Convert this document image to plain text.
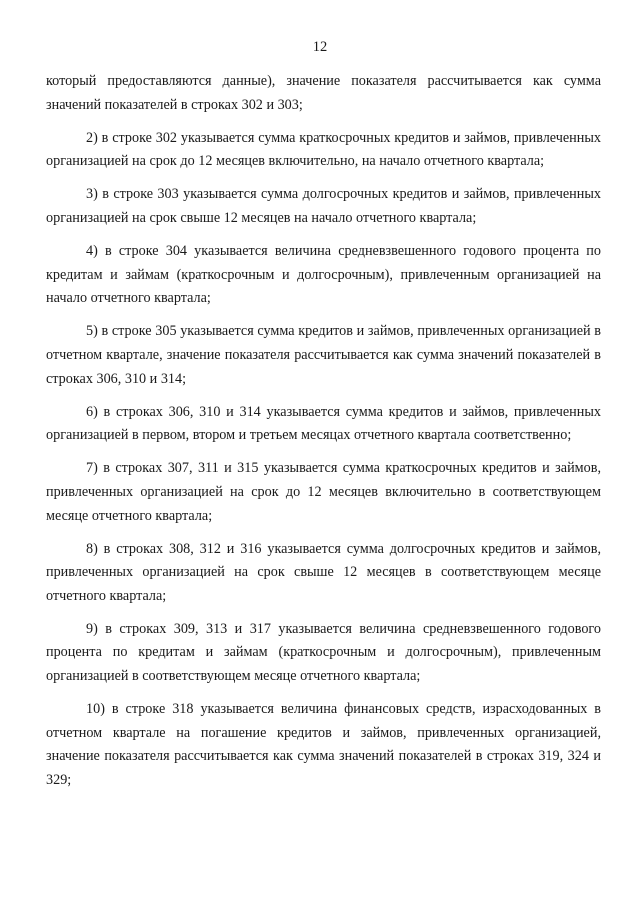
12

который предоставляются данные), значение показателя рассчитывается как сумма значений показателей в строках 302 и 303;

2) в строке 302 указывается сумма краткосрочных кредитов и займов, привлеченных организацией на срок до 12 месяцев включительно, на начало отчетного квартала;

3) в строке 303 указывается сумма долгосрочных кредитов и займов, привлеченных организацией на срок свыше 12 месяцев на начало отчетного квартала;

4) в строке 304 указывается величина средневзвешенного годового процента по кредитам и займам (краткосрочным и долгосрочным), привлеченным организацией на начало отчетного квартала;

5) в строке 305 указывается сумма кредитов и займов, привлеченных организацией в отчетном квартале, значение показателя рассчитывается как сумма значений показателей в строках 306, 310 и 314;

6) в строках 306, 310 и 314 указывается сумма кредитов и займов, привлеченных организацией в первом, втором и третьем месяцах отчетного квартала соответственно;

7) в строках 307, 311 и 315 указывается сумма краткосрочных кредитов и займов, привлеченных организацией на срок до 12 месяцев включительно в соответствующем месяце отчетного квартала;

8) в строках 308, 312 и 316 указывается сумма долгосрочных кредитов и займов, привлеченных организацией на срок свыше 12 месяцев в соответствующем месяце отчетного квартала;

9) в строках 309, 313 и 317 указывается величина средневзвешенного годового процента по кредитам и займам (краткосрочным и долгосрочным), привлеченным организацией в соответствующем месяце отчетного квартала;

10) в строке 318 указывается величина финансовых средств, израсходованных в отчетном квартале на погашение кредитов и займов, привлеченных организацией, значение показателя рассчитывается как сумма значений показателей в строках 319, 324 и 329;
